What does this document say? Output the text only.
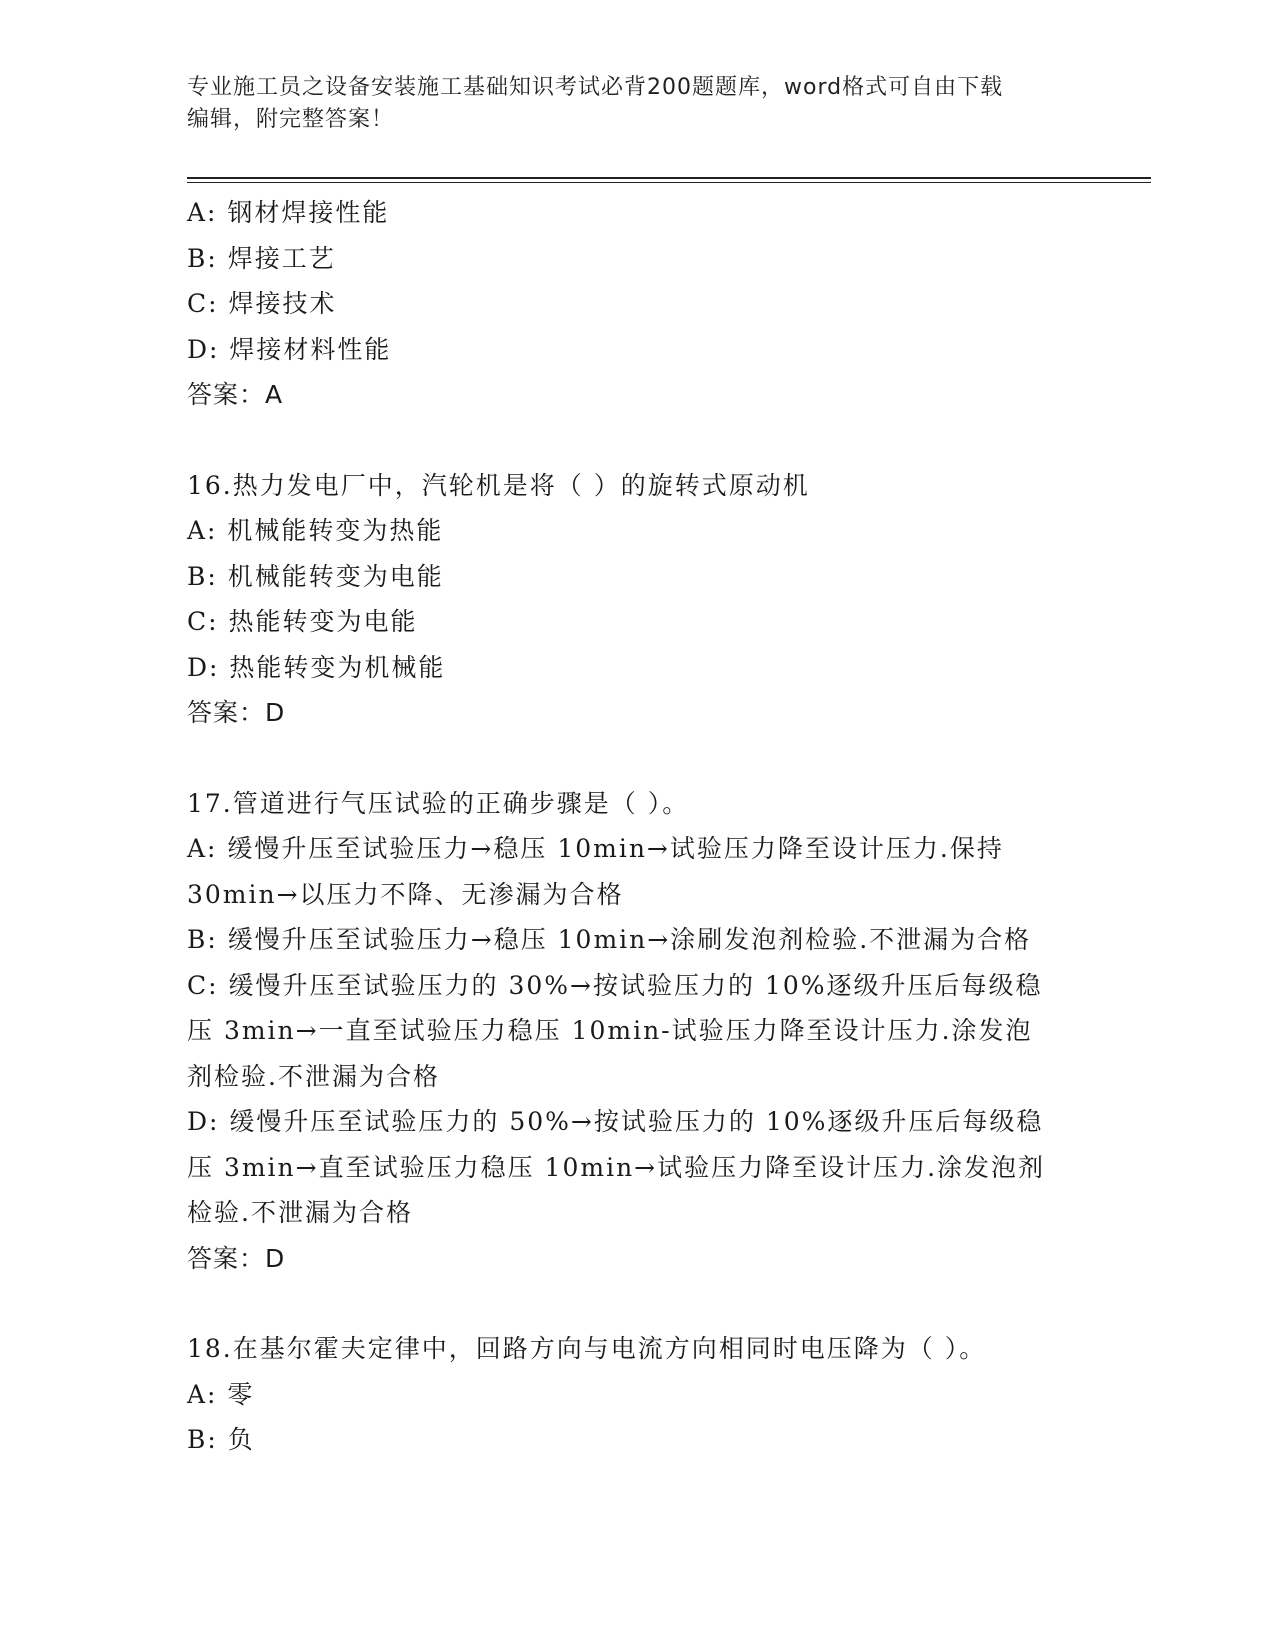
专业施工员之设备安装施工基础知识考试必背200题题库，word格式可自由下载
编辑，附完整答案！
A: 钢材焊接性能
B: 焊接工艺
C: 焊接技术
D: 焊接材料性能
答案：A
16.热力发电厂中，汽轮机是将（ ）的旋转式原动机
A: 机械能转变为热能
B: 机械能转变为电能
C: 热能转变为电能
D: 热能转变为机械能
答案：D
17.管道进行气压试验的正确步骤是（ ）。
A: 缓慢升压至试验压力→稳压 10min→试验压力降至设计压力.保持
30min→以压力不降、无渗漏为合格
B: 缓慢升压至试验压力→稳压 10min→涂刷发泡剂检验.不泄漏为合格
C: 缓慢升压至试验压力的 30%→按试验压力的 10%逐级升压后每级稳
压 3min→一直至试验压力稳压 10min-试验压力降至设计压力.涂发泡
剂检验.不泄漏为合格
D: 缓慢升压至试验压力的 50%→按试验压力的 10%逐级升压后每级稳
压 3min→直至试验压力稳压 10min→试验压力降至设计压力.涂发泡剂
检验.不泄漏为合格
答案：D
18.在基尔霍夫定律中，回路方向与电流方向相同时电压降为（ ）。
A: 零
B: 负
